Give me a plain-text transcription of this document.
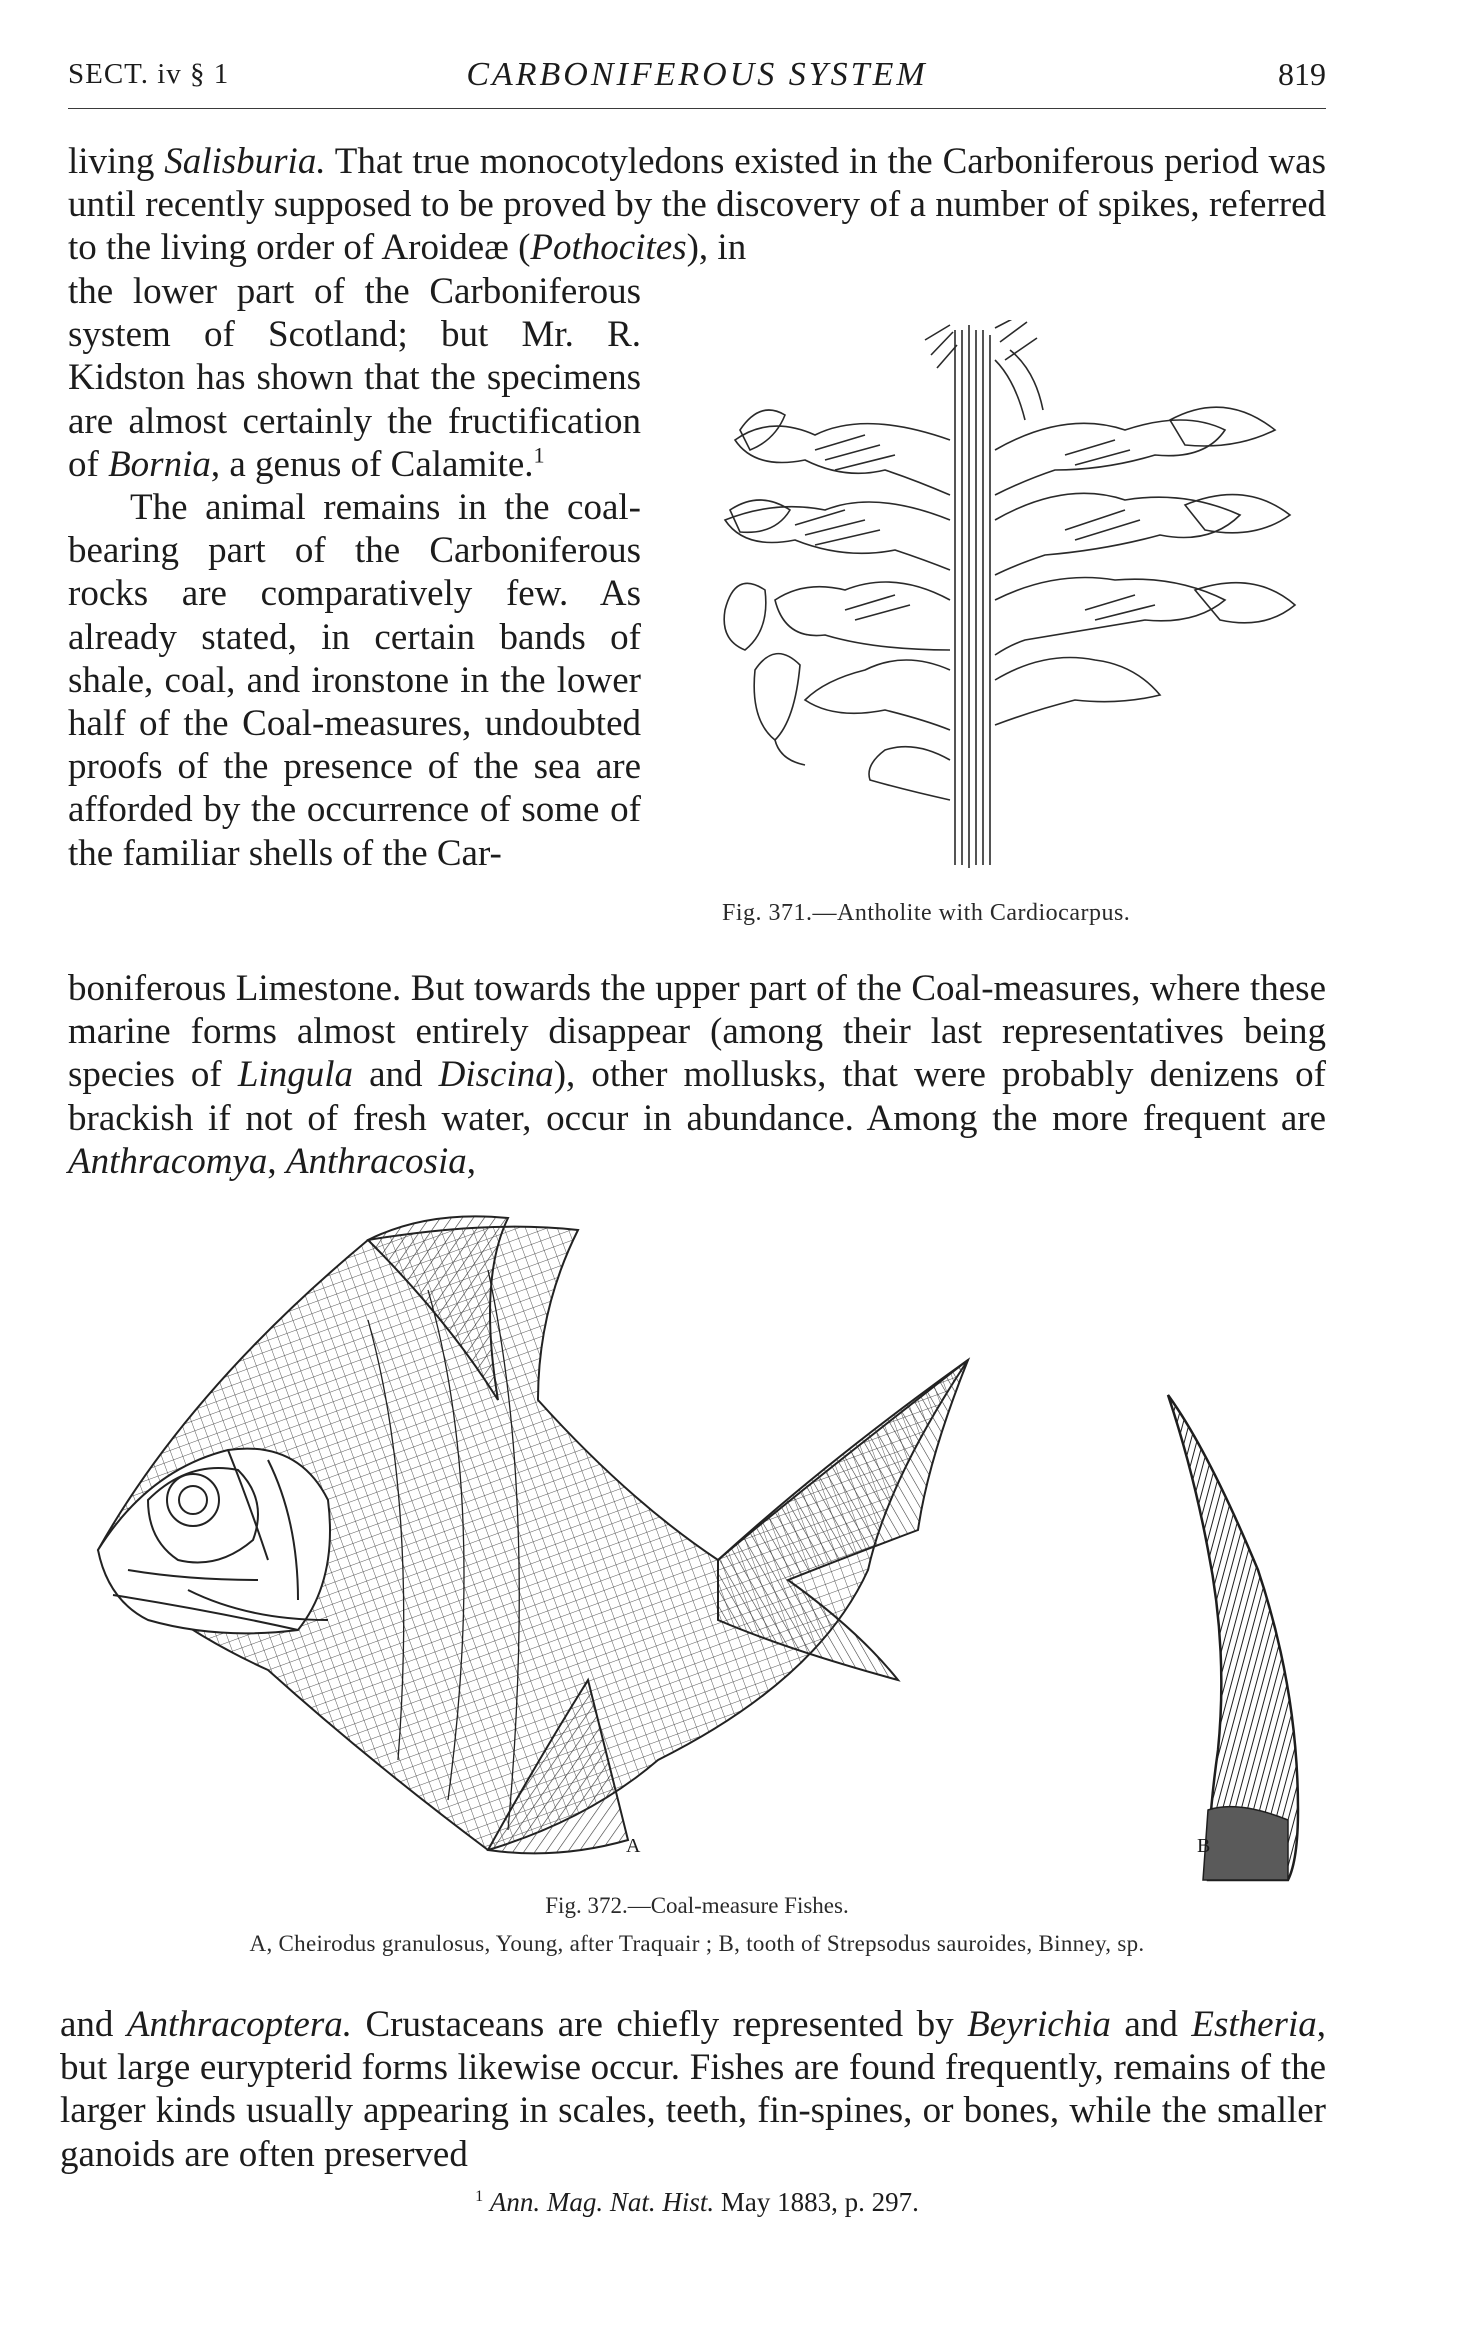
SECT. iv § 1	CARBONIFEROUS SYSTEM	819
living Salisburia. That true monocotyledons existed in the Carboniferous period was until recently supposed to be proved by the discovery of a number of spikes, referred to the living order of Aroideæ (Pothocites), in

the lower part of the Carboniferous system of Scotland; but Mr. R. Kidston has shown that the specimens are almost certainly the fructification of Bornia, a genus of Calamite.$^1$

The animal remains in the coal-bearing part of the Carboniferous rocks are comparatively few. As already stated, in certain bands of shale, coal, and ironstone in the lower half of the Coal-measures, undoubted proofs of the presence of the sea are afforded by the occurrence of some of the familiar shells of the Car-

Fig. 371.—Antholite with Cardiocarpus.
boniferous Limestone. But towards the upper part of the Coal-measures, where these marine forms almost entirely disappear (among their last representatives being species of Lingula and Discina), other mollusks, that were probably denizens of brackish if not of fresh water, occur in abundance. Among the more frequent are Anthracomya, Anthracosia,
A	B
Fig. 372.—Coal-measure Fishes.
A, Cheirodus granulosus, Young, after Traquair ; B, tooth of Strepsodus sauroides, Binney, sp.
and Anthracoptera. Crustaceans are chiefly represented by Beyrichia and Estheria, but large eurypterid forms likewise occur. Fishes are found frequently, remains of the larger kinds usually appearing in scales, teeth, fin-spines, or bones, while the smaller ganoids are often preserved
$^1$ Ann. Mag. Nat. Hist. May 1883, p. 297.
